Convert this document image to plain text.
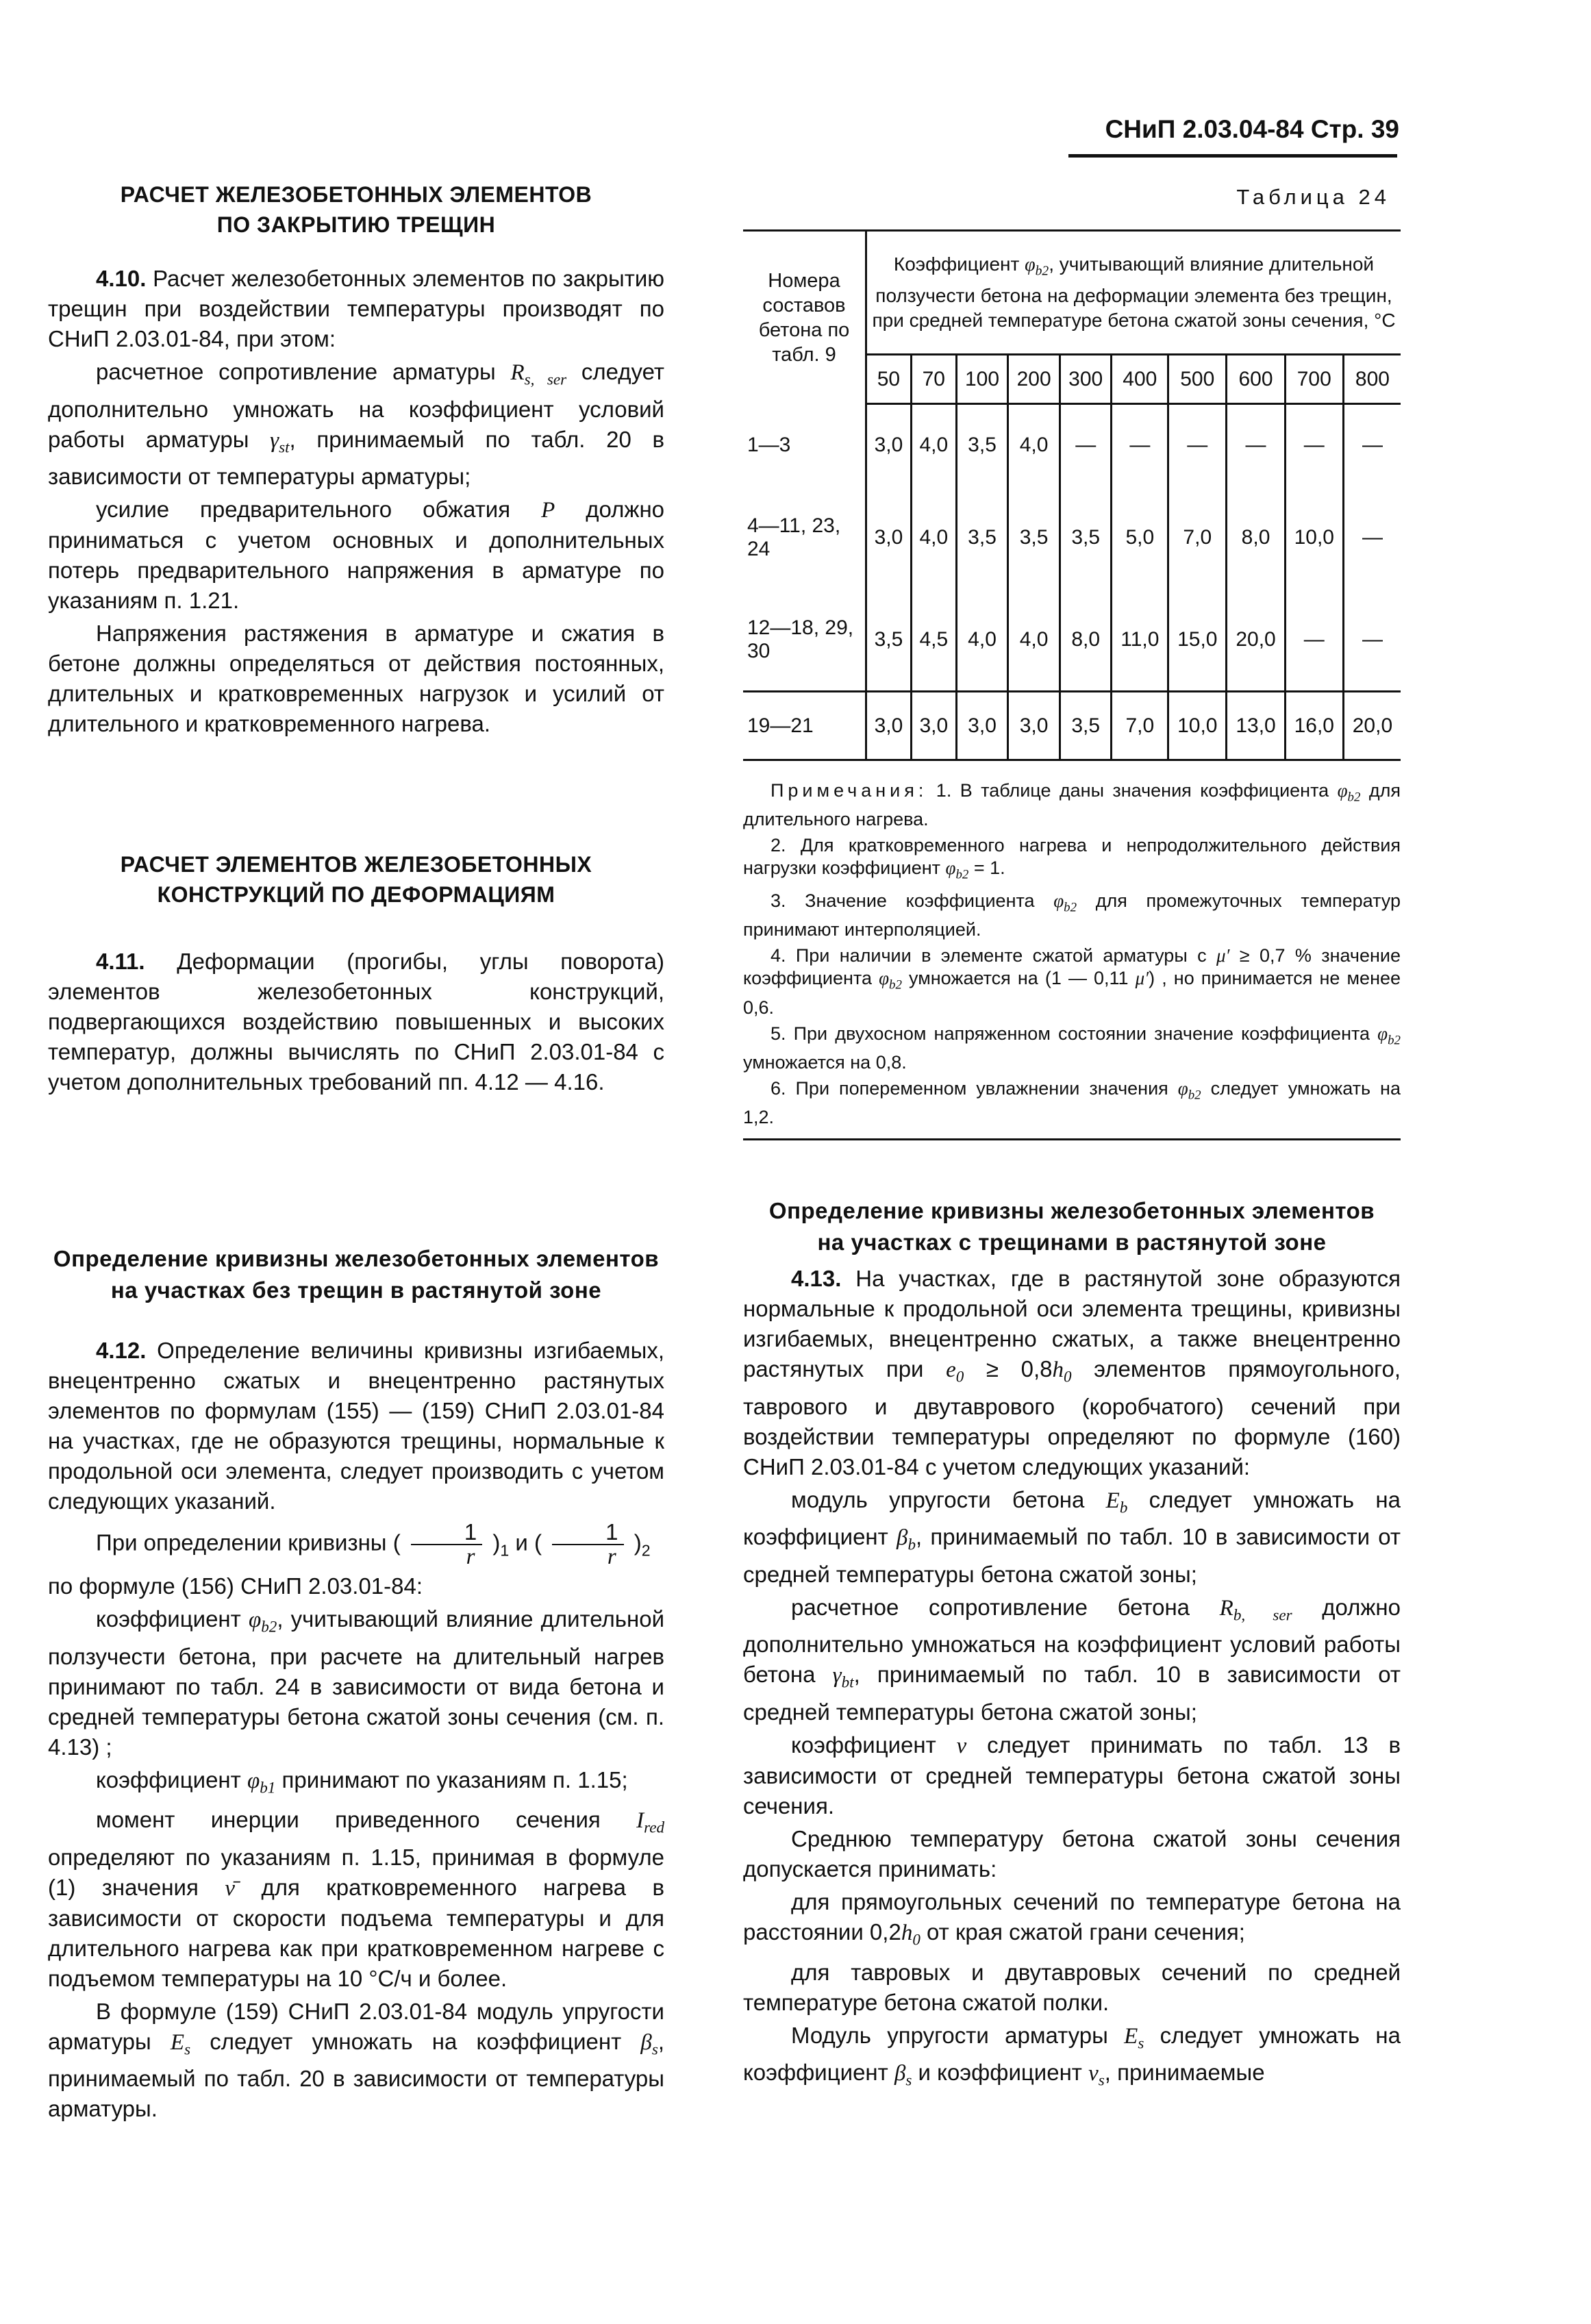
СНиП 2.03.04-84 Стр. 39
РАСЧЕТ ЖЕЛЕЗОБЕТОННЫХ ЭЛЕМЕНТОВ
ПО ЗАКРЫТИЮ ТРЕЩИН

4.10. Расчет железобетонных элементов по закрытию трещин при воздействии температуры производят по СНиП 2.03.01-84, при этом:

расчетное сопротивление арматуры $R_{s, ser}$ следует дополнительно умножать на коэффициент условий работы арматуры $\gamma_{st}$, принимаемый по табл. 20 в зависимости от температуры арматуры;

усилие предварительного обжатия P должно приниматься с учетом основных и дополнительных потерь предварительного напряжения в арматуре по указаниям п. 1.21.

Напряжения растяжения в арматуре и сжатия в бетоне должны определяться от действия постоянных, длительных и кратковременных нагрузок и усилий от длительного и кратковременного нагрева.

РАСЧЕТ ЭЛЕМЕНТОВ ЖЕЛЕЗОБЕТОННЫХ
КОНСТРУКЦИЙ ПО ДЕФОРМАЦИЯМ

4.11. Деформации (прогибы, углы поворота) элементов железобетонных конструкций, подвергающихся воздействию повышенных и высоких температур, должны вычислять по СНиП 2.03.01-84 с учетом дополнительных требований пп. 4.12 — 4.16.

Определение кривизны железобетонных элементов
на участках без трещин в растянутой зоне

4.12. Определение величины кривизны изгибаемых, внецентренно сжатых и внецентренно растянутых элементов по формулам (155) — (159) СНиП 2.03.01-84 на участках, где не образуются трещины, нормальные к продольной оси элемента, следует производить с учетом следующих указаний.

При определении кривизны ( $\frac{1}{r} )_1$ и ( $\frac{1}{r} )_2$

по формуле (156) СНиП 2.03.01-84:

коэффициент $\varphi_{b2}$, учитывающий влияние длительной ползучести бетона, при расчете на длительный нагрев принимают по табл. 24 в зависимости от вида бетона и средней температуры бетона сжатой зоны сечения (см. п. 4.13) ;

коэффициент $\varphi_{b1}$ принимают по указаниям п. 1.15;

момент инерции приведенного сечения $I_{red}$ определяют по указаниям п. 1.15, принимая в формуле (1) значения ν̄ для кратковременного нагрева в зависимости от скорости подъема температуры и для длительного нагрева как при кратковременном нагреве с подъемом температуры на 10 °С/ч и более.

В формуле (159) СНиП 2.03.01-84 модуль упругости арматуры $E_s$ следует умножать на коэффициент $\beta_s$, принимаемый по табл. 20 в зависимости от температуры арматуры.

Таблица 24
Номера составов бетона по табл. 9	Коэффициент $\varphi_{b2}$, учитывающий влияние длительной ползучести бетона на деформации элемента без трещин, при средней температуре бетона сжатой зоны сечения, °С									
	50	70	100	200	300	400	500	600	700	800
1—3	3,0	4,0	3,5	4,0	—	—	—	—	—	—
4—11, 23, 24	3,0	4,0	3,5	3,5	3,5	5,0	7,0	8,0	10,0	—
12—18, 29, 30	3,5	4,5	4,0	4,0	8,0	11,0	15,0	20,0	—	—
19—21	3,0	3,0	3,0	3,0	3,5	7,0	10,0	13,0	16,0	20,0

Примечания: 1. В таблице даны значения коэффициента $\varphi_{b2}$ для длительного нагрева.

2. Для кратковременного нагрева и непродолжительного действия нагрузки коэффициент $\varphi_{b2} = 1$.

3. Значение коэффициента $\varphi_{b2}$ для промежуточных температур принимают интерполяцией.

4. При наличии в элементе сжатой арматуры с μ′ ≥ 0,7 % значение коэффициента $\varphi_{b2}$ умножается на (1 — 0,11 μ′) , но принимается не менее 0,6.

5. При двухосном напряженном состоянии значение коэффициента $\varphi_{b2}$ умножается на 0,8.

6. При попеременном увлажнении значения $\varphi_{b2}$ следует умножать на 1,2.

Определение кривизны железобетонных элементов
на участках с трещинами в растянутой зоне

4.13. На участках, где в растянутой зоне образуются нормальные к продольной оси элемента трещины, кривизны изгибаемых, внецентренно сжатых, а также внецентренно растянутых при $e_0 \ge 0,8h_0$ элементов прямоугольного, таврового и двутаврового (коробчатого) сечений при воздействии температуры определяют по формуле (160) СНиП 2.03.01-84 с учетом следующих указаний:

модуль упругости бетона $E_b$ следует умножать на коэффициент $\beta_b$, принимаемый по табл. 10 в зависимости от средней температуры бетона сжатой зоны;

расчетное сопротивление бетона $R_{b, ser}$ должно дополнительно умножаться на коэффициент условий работы бетона $\gamma_{bt}$, принимаемый по табл. 10 в зависимости от средней температуры бетона сжатой зоны;

коэффициент ν следует принимать по табл. 13 в зависимости от средней температуры бетона сжатой зоны сечения.

Среднюю температуру бетона сжатой зоны сечения допускается принимать:

для прямоугольных сечений по температуре бетона на расстоянии $0,2h_0$ от края сжатой грани сечения;

для тавровых и двутавровых сечений по средней температуре бетона сжатой полки.

Модуль упругости арматуры $E_s$ следует умножать на коэффициент $\beta_s$ и коэффициент $\nu_s$, принимаемые
